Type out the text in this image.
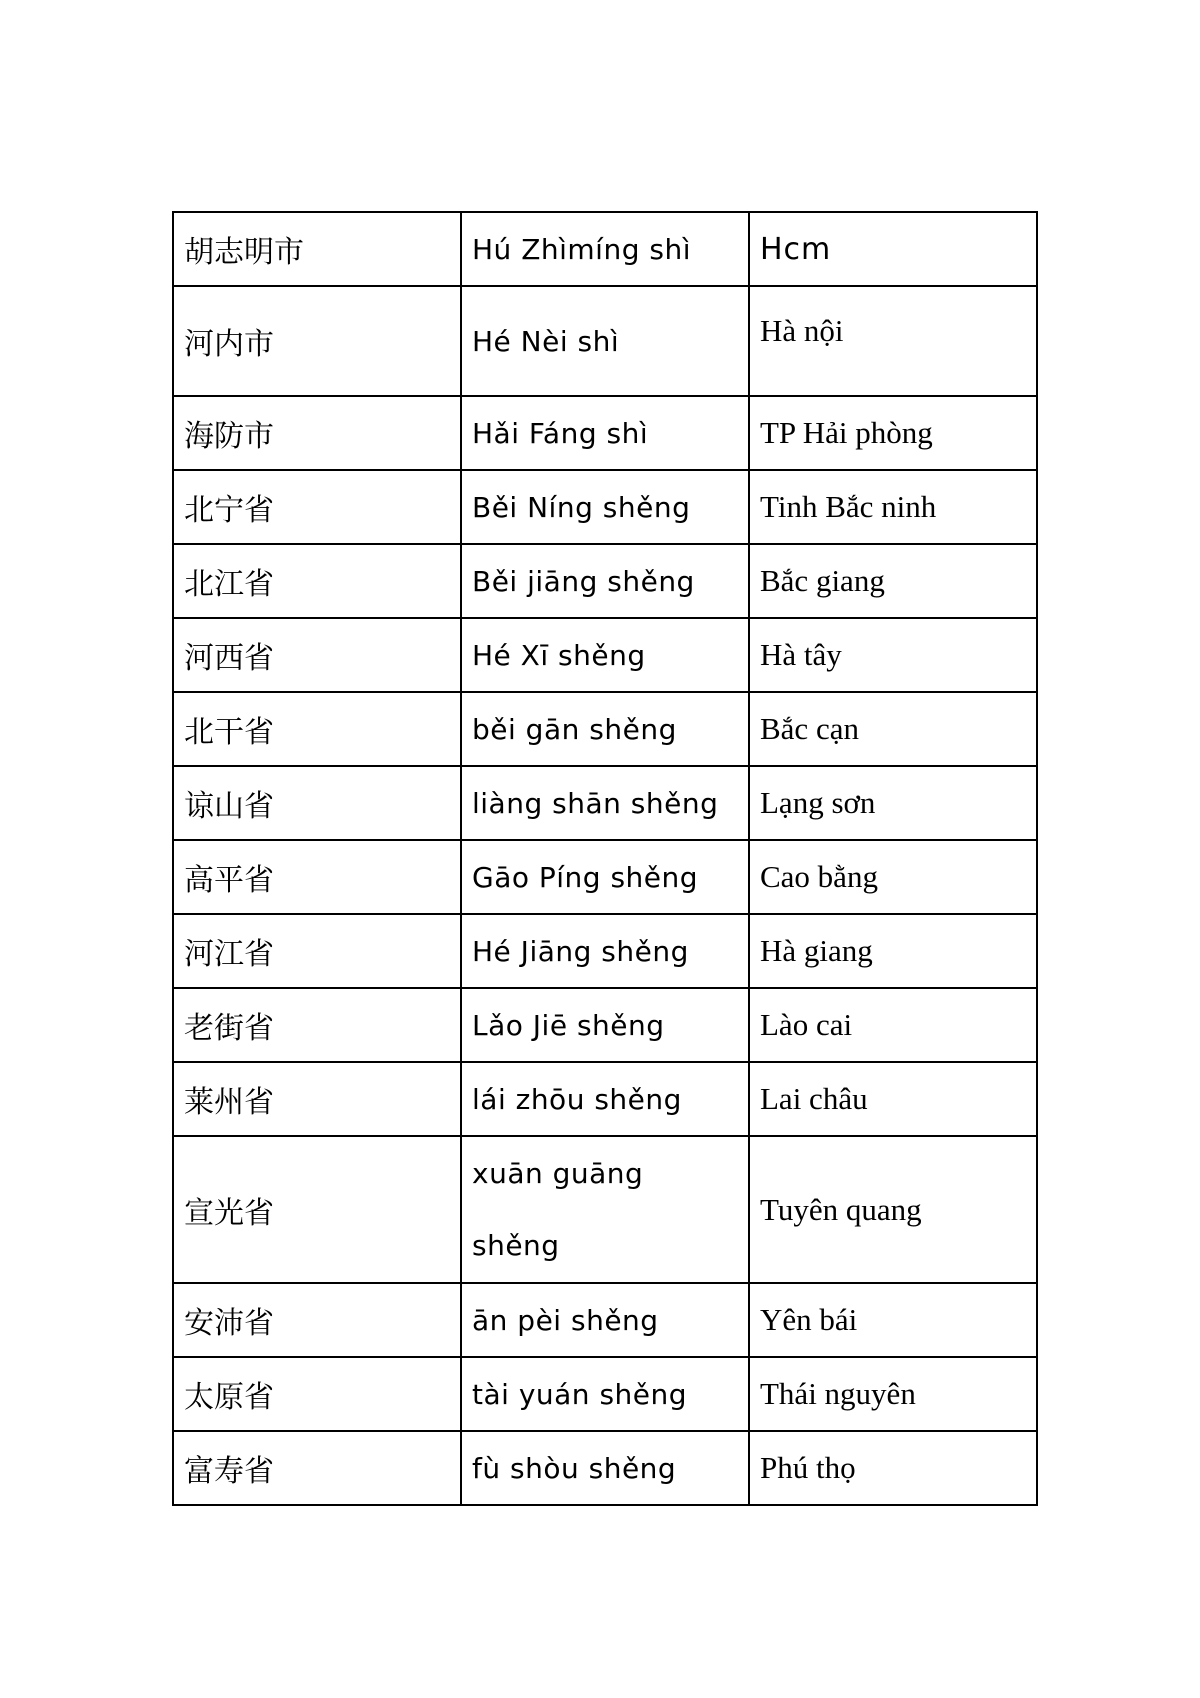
胡志明市	Hú Zhìmíng shì	Hcm
河内市	Hé Nèi shì	Hà nội
海防市	Hǎi Fáng shì	TP Hải phòng
北宁省	Běi Níng shěng	Tinh Bắc ninh
北江省	Běi jiāng shěng	Bắc giang
河西省	Hé Xī shěng	Hà tây
北干省	běi gān shěng	Bắc cạn
谅山省	liàng shān shěng	Lạng sơn
高平省	Gāo Píng shěng	Cao bằng
河江省	Hé Jiāng shěng	Hà giang
老街省	Lǎo Jiē shěng	Lào cai
莱州省	lái zhōu shěng	Lai châu
宣光省	xuān guāng shěng	Tuyên quang
安沛省	ān pèi shěng	Yên bái
太原省	tài yuán shěng	Thái nguyên
富寿省	fù shòu shěng	Phú thọ
